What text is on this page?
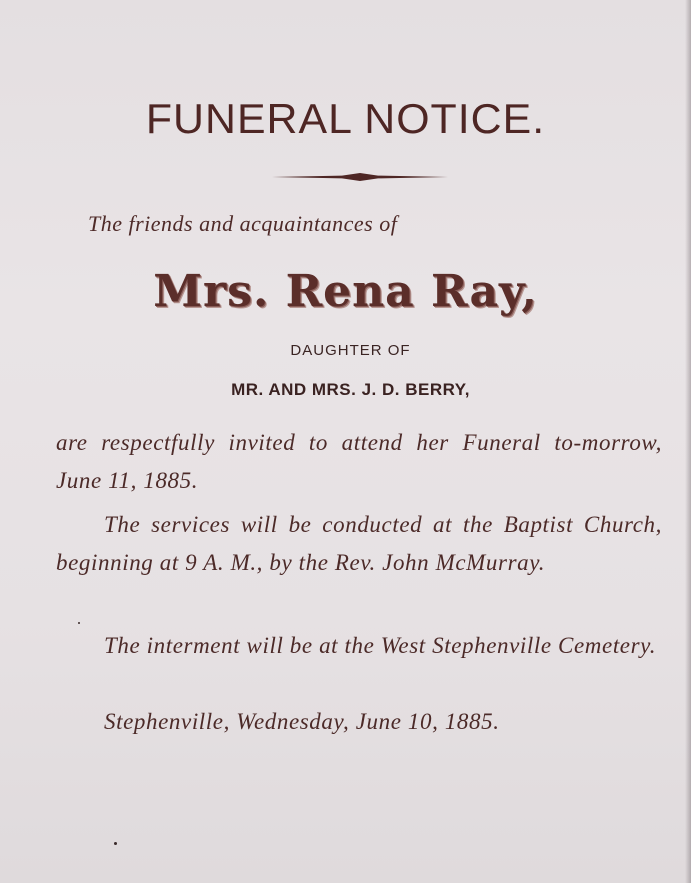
FUNERAL NOTICE.
The friends and acquaintances of
Mrs. Rena Ray,
DAUGHTER OF
MR. AND MRS. J. D. BERRY,

are respectfully invited to attend her Funeral to-morrow, June 11, 1885.

The services will be conducted at the Baptist Church, beginning at 9 A. M., by the Rev. John McMurray.

The interment will be at the West Stephenville Cemetery.

Stephenville, Wednesday, June 10, 1885.
